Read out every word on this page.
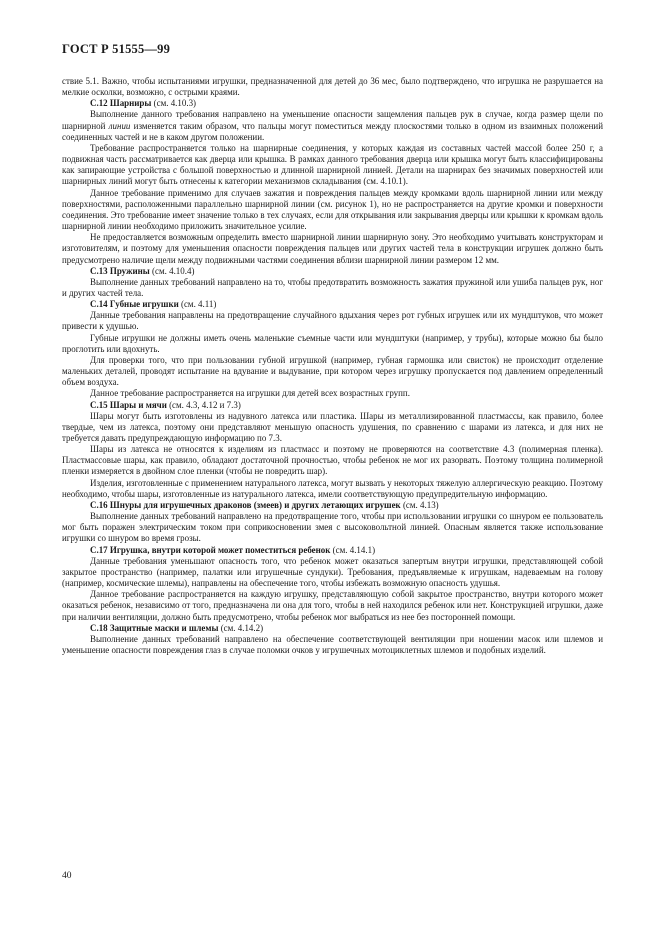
ГОСТ Р 51555—99

ствие 5.1. Важно, чтобы испытаниями игрушки, предназначенной для детей до 36 мес, было подтверждено, что игрушка не разрушается на мелкие осколки, возможно, с острыми краями.

С.12 Шарниры (см. 4.10.3)

Выполнение данного требования направлено на уменьшение опасности защемления пальцев рук в случае, когда размер щели по шарнирной линии изменяется таким образом, что пальцы могут поместиться между плоскостями только в одном из взаимных положений соединенных частей и не в каком другом положении.

Требование распространяется только на шарнирные соединения, у которых каждая из составных частей массой более 250 г, а подвижная часть рассматривается как дверца или крышка. В рамках данного требования дверца или крышка могут быть классифицированы как запирающие устройства с большой поверхностью и длинной шарнирной линией. Детали на шарнирах без значимых поверхностей или шарнирных линий могут быть отнесены к категории механизмов складывания (см. 4.10.1).

Данное требование применимо для случаев зажатия и повреждения пальцев между кромками вдоль шарнирной линии или между поверхностями, расположенными параллельно шарнирной линии (см. рисунок 1), но не распространяется на другие кромки и поверхности соединения. Это требование имеет значение только в тех случаях, если для открывания или закрывания дверцы или крышки к кромкам вдоль шарнирной линии необходимо приложить значительное усилие.

Не предоставляется возможным определить вместо шарнирной линии шарнирную зону. Это необходимо учитывать конструкторам и изготовителям, и поэтому для уменьшения опасности повреждения пальцев или других частей тела в конструкции игрушек должно быть предусмотрено наличие щели между подвижными частями соединения вблизи шарнирной линии размером 12 мм.

С.13 Пружины (см. 4.10.4)

Выполнение данных требований направлено на то, чтобы предотвратить возможность зажатия пружиной или ушиба пальцев рук, ног и других частей тела.

С.14 Губные игрушки (см. 4.11)

Данные требования направлены на предотвращение случайного вдыхания через рот губных игрушек или их мундштуков, что может привести к удушью.

Губные игрушки не должны иметь очень маленькие съемные части или мундштуки (например, у трубы), которые можно бы было проглотить или вдохнуть.

Для проверки того, что при пользовании губной игрушкой (например, губная гармошка или свисток) не происходит отделение маленьких деталей, проводят испытание на вдувание и выдувание, при котором через игрушку пропускается под давлением определенный объем воздуха.

Данное требование распространяется на игрушки для детей всех возрастных групп.

С.15 Шары и мячи (см. 4.3, 4.12 и 7.3)

Шары могут быть изготовлены из надувного латекса или пластика. Шары из металлизированной пластмассы, как правило, более твердые, чем из латекса, поэтому они представляют меньшую опасность удушения, по сравнению с шарами из латекса, и для них не требуется давать предупреждающую информацию по 7.3.

Шары из латекса не относятся к изделиям из пластмасс и поэтому не проверяются на соответствие 4.3 (полимерная пленка). Пластмассовые шары, как правило, обладают достаточной прочностью, чтобы ребенок не мог их разорвать. Поэтому толщина полимерной пленки измеряется в двойном слое пленки (чтобы не повредить шар).

Изделия, изготовленные с применением натурального латекса, могут вызвать у некоторых тяжелую аллергическую реакцию. Поэтому необходимо, чтобы шары, изготовленные из натурального латекса, имели соответствующую предупредительную информацию.

С.16 Шнуры для игрушечных драконов (змеев) и других летающих игрушек (см. 4.13)

Выполнение данных требований направлено на предотвращение того, чтобы при использовании игрушки со шнуром ее пользователь мог быть поражен электрическим током при соприкосновении змея с высоковольтной линией. Опасным является также использование игрушки со шнуром во время грозы.

С.17 Игрушка, внутри которой может поместиться ребенок (см. 4.14.1)

Данные требования уменьшают опасность того, что ребенок может оказаться запертым внутри игрушки, представляющей собой закрытое пространство (например, палатки или игрушечные сундуки). Требования, предъявляемые к игрушкам, надеваемым на голову (например, космические шлемы), направлены на обеспечение того, чтобы избежать возможную опасность удушья.

Данное требование распространяется на каждую игрушку, представляющую собой закрытое пространство, внутри которого может оказаться ребенок, независимо от того, предназначена ли она для того, чтобы в ней находился ребенок или нет. Конструкцией игрушки, даже при наличии вентиляции, должно быть предусмотрено, чтобы ребенок мог выбраться из нее без посторонней помощи.

С.18 Защитные маски и шлемы (см. 4.14.2)

Выполнение данных требований направлено на обеспечение соответствующей вентиляции при ношении масок или шлемов и уменьшение опасности повреждения глаз в случае поломки очков у игрушечных мотоциклетных шлемов и подобных изделий.

40
